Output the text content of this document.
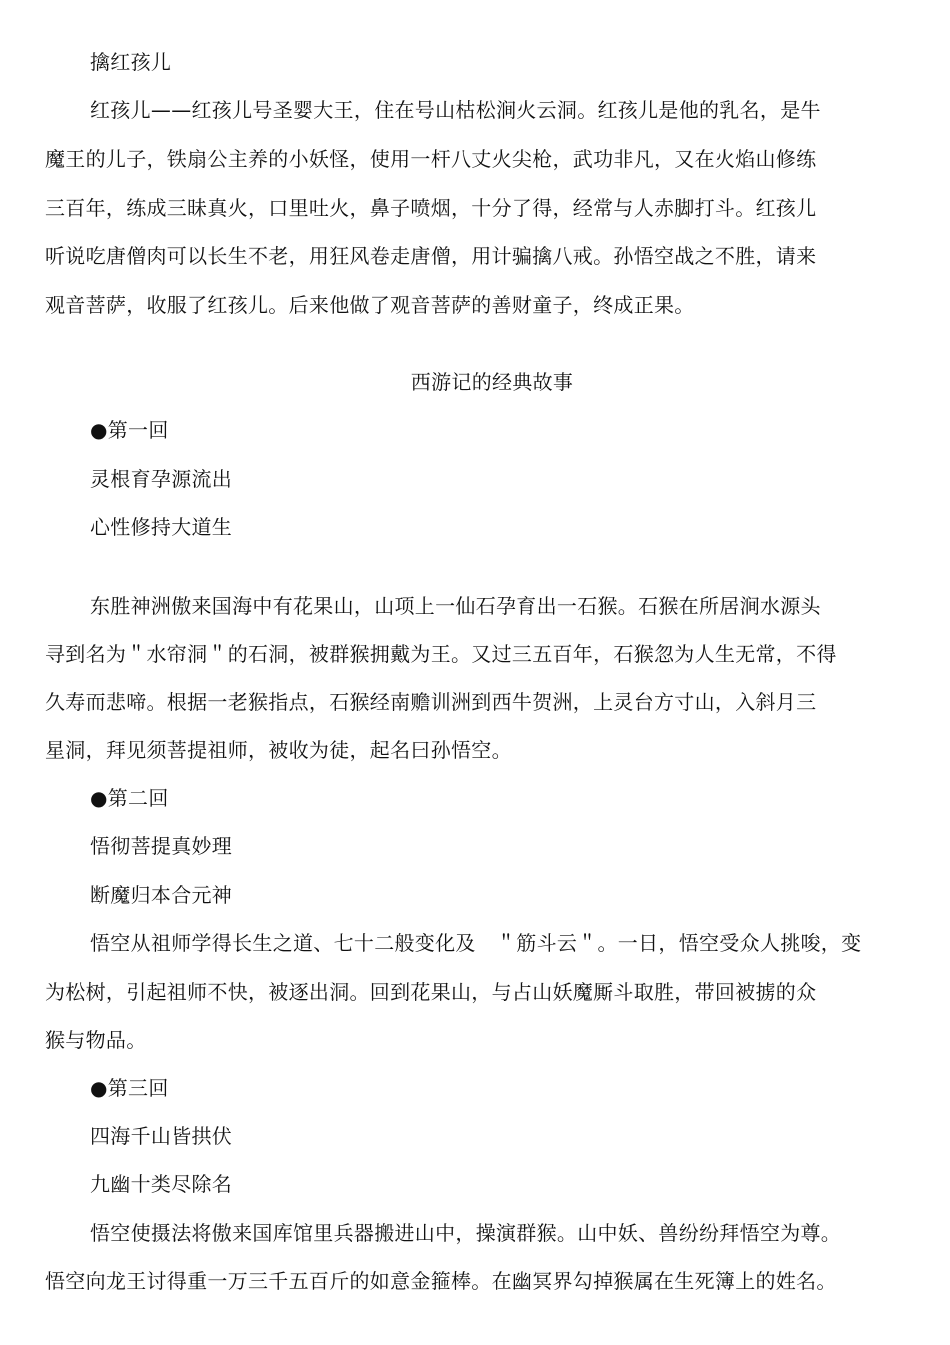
擒红孩儿
红孩儿——红孩儿号圣婴大王，住在号山枯松涧火云洞。红孩儿是他的乳名，是牛
魔王的儿子，铁扇公主养的小妖怪，使用一杆八丈火尖枪，武功非凡，又在火焰山修练
三百年，练成三昧真火，口里吐火，鼻子喷烟，十分了得，经常与人赤脚打斗。红孩儿
听说吃唐僧肉可以长生不老，用狂风卷走唐僧，用计骗擒八戒。孙悟空战之不胜，请来
观音菩萨，收服了红孩儿。后来他做了观音菩萨的善财童子，终成正果。
西游记的经典故事
●第一回
灵根育孕源流出
心性修持大道生
东胜神洲傲来国海中有花果山，山项上一仙石孕育出一石猴。石猴在所居涧水源头
寻到名为＂水帘洞＂的石洞，被群猴拥戴为王。又过三五百年，石猴忽为人生无常，不得
久寿而悲啼。根据一老猴指点，石猴经南赡训洲到西牛贺洲，上灵台方寸山，入斜月三
星洞，拜见须菩提祖师，被收为徒，起名曰孙悟空。
●第二回
悟彻菩提真妙理
断魔归本合元神
悟空从祖师学得长生之道、七十二般变化及　＂筋斗云＂。一日，悟空受众人挑唆，变
为松树，引起祖师不快，被逐出洞。回到花果山，与占山妖魔厮斗取胜，带回被掳的众
猴与物品。
●第三回
四海千山皆拱伏
九幽十类尽除名
悟空使摄法将傲来国库馆里兵器搬进山中，操演群猴。山中妖、兽纷纷拜悟空为尊。
悟空向龙王讨得重一万三千五百斤的如意金箍棒。在幽冥界勾掉猴属在生死簿上的姓名。
